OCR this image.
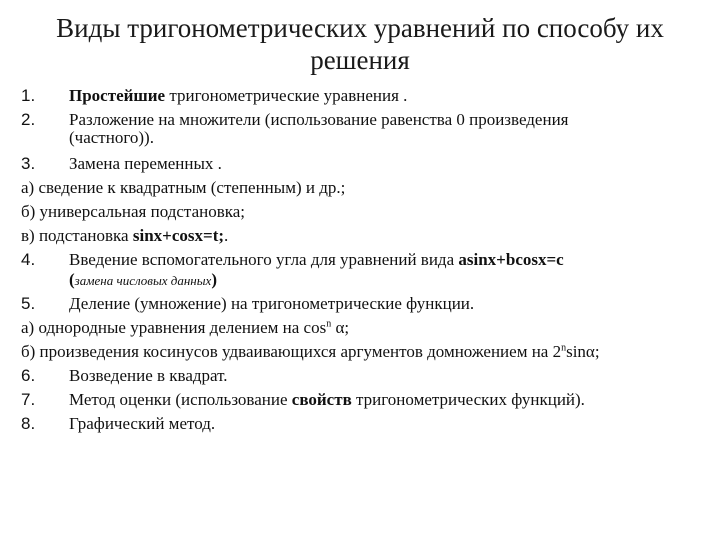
Виды тригонометрических уравнений по способу их
решения
1. Простейшие тригонометрические уравнения .
2. Разложение на множители (использование равенства 0 произведения
(частного)).
3. Замена переменных .
а) сведение к квадратным (степенным) и др.;
б) универсальная подстановка;
в) подстановка sinx+cosx=t;.
4. Введение вспомогательного угла для уравнений вида asinx+bcosx=c
(замена числовых данных)
5. Деление (умножение) на тригонометрические функции.
а) однородные уравнения делением на $\cos^n \alpha$;
б) произведения косинусов удваивающихся аргументов домножением на 2$^n$sinα;
6. Возведение в квадрат.
7. Метод оценки (использование свойств тригонометрических функций).
8. Графический метод.
